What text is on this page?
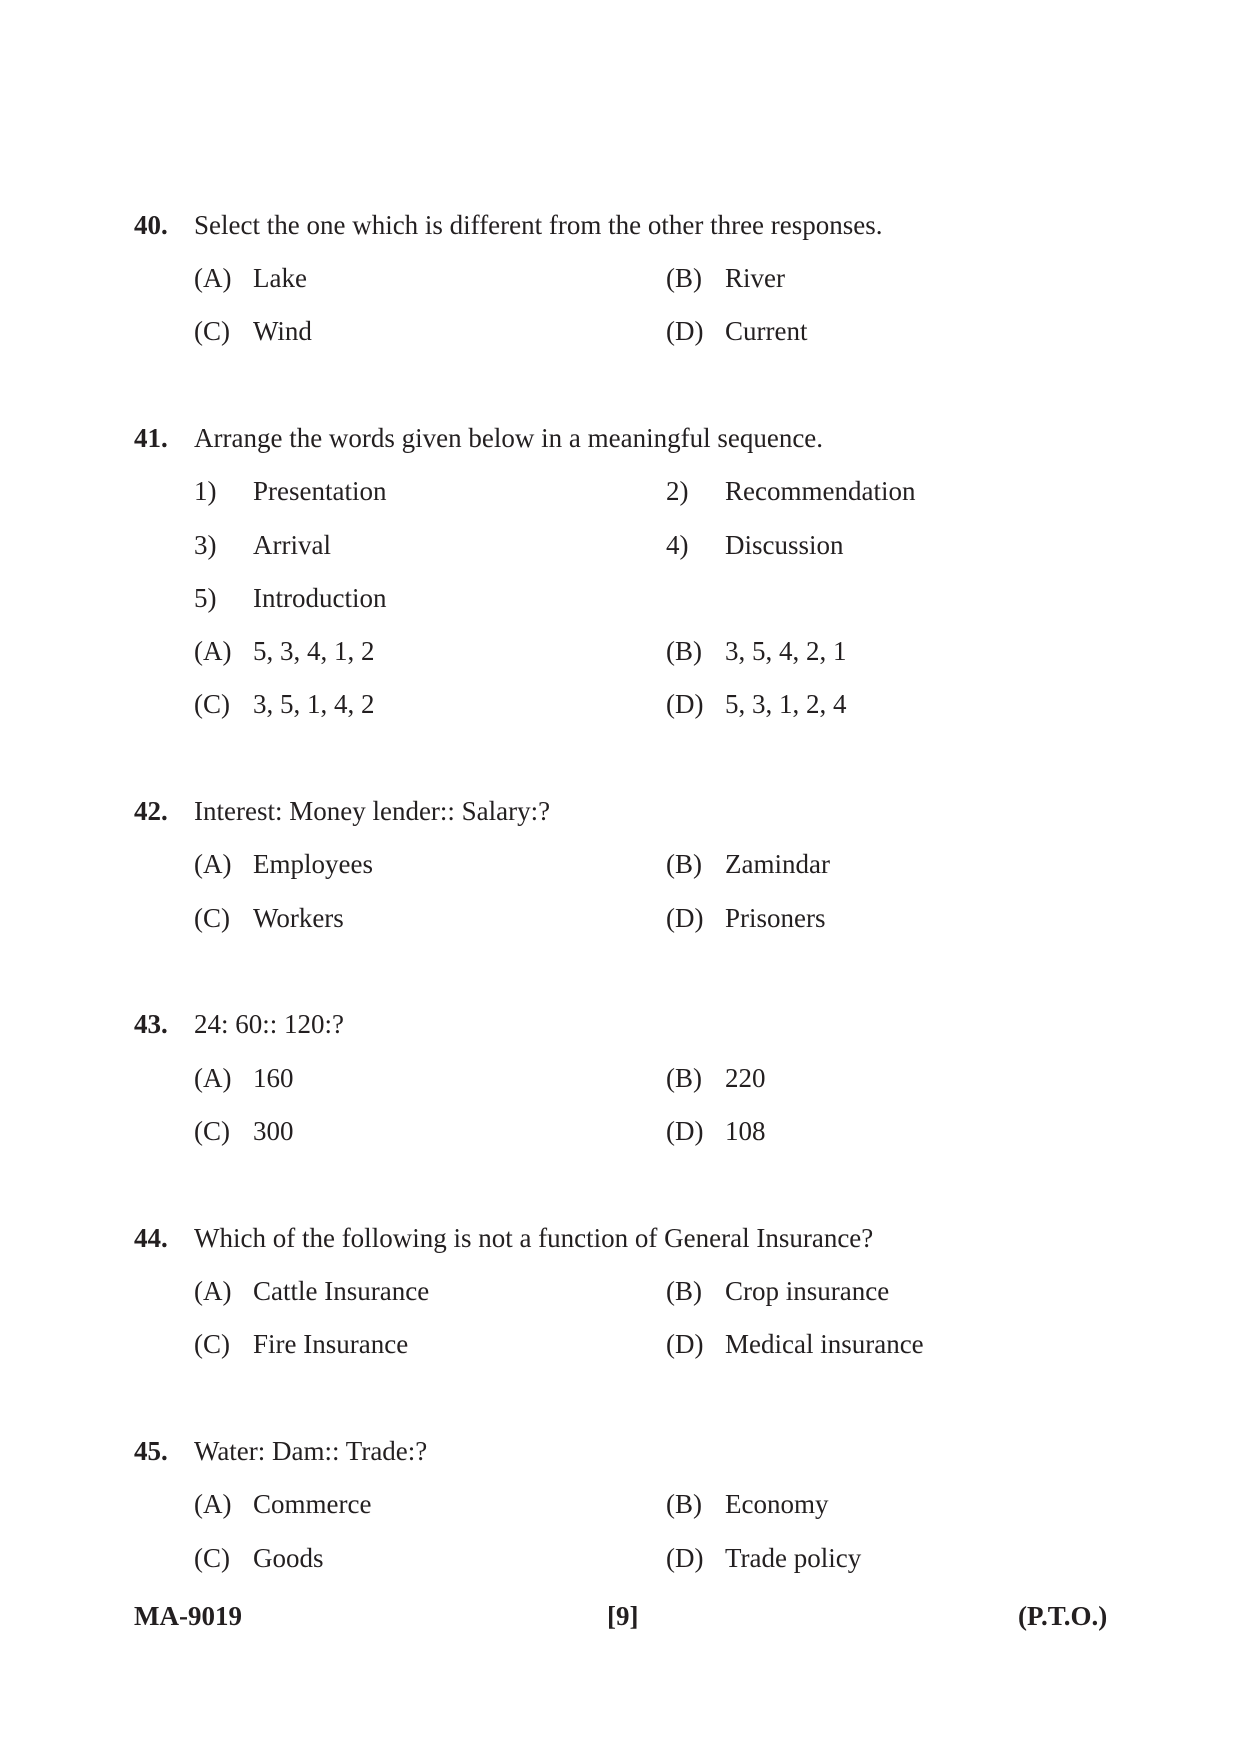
40. Select the one which is different from the other three responses.
(A) Lake	(B) River
(C) Wind	(D) Current
41. Arrange the words given below in a meaningful sequence.
1) Presentation	2) Recommendation
3) Arrival	4) Discussion
5) Introduction
(A) 5, 3, 4, 1, 2	(B) 3, 5, 4, 2, 1
(C) 3, 5, 1, 4, 2	(D) 5, 3, 1, 2, 4
42. Interest: Money lender:: Salary:?
(A) Employees	(B) Zamindar
(C) Workers	(D) Prisoners
43. 24: 60:: 120:?
(A) 160	(B) 220
(C) 300	(D) 108
44. Which of the following is not a function of General Insurance?
(A) Cattle Insurance	(B) Crop insurance
(C) Fire Insurance	(D) Medical insurance
45. Water: Dam:: Trade:?
(A) Commerce	(B) Economy
(C) Goods	(D) Trade policy
MA-9019	[9]	(P.T.O.)
